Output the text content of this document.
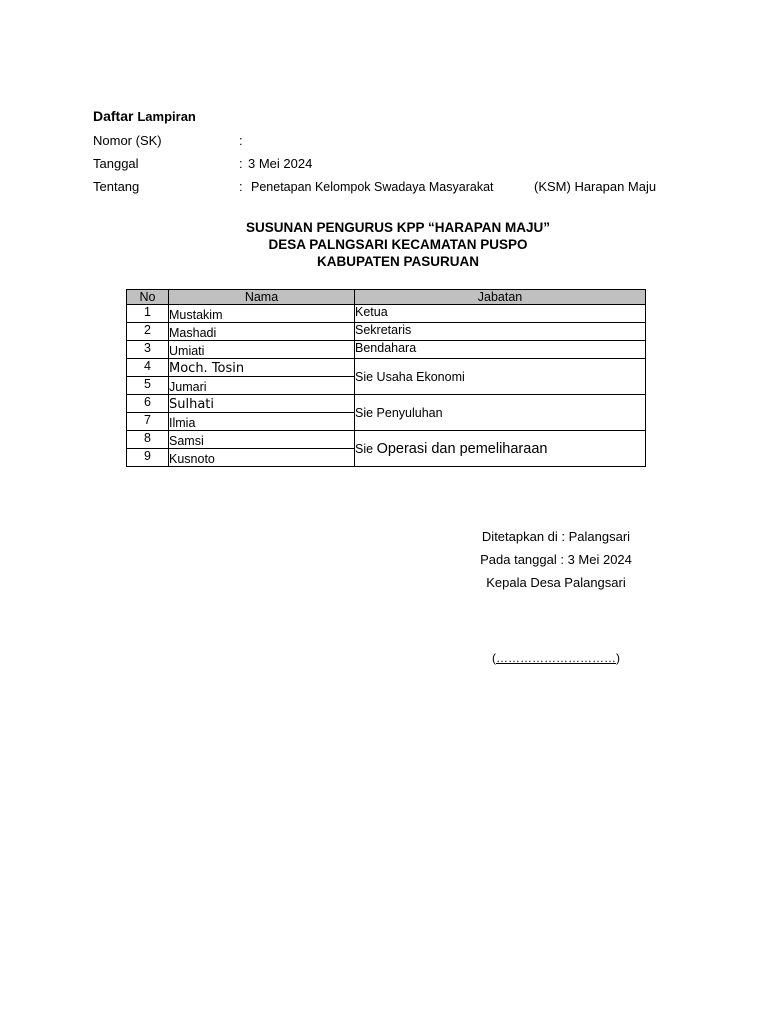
Daftar Lampiran
Nomor (SK)	:
Tanggal	: 3 Mei 2024
Tentang	: Penetapan Kelompok Swadaya Masyarakat	(KSM) Harapan Maju
SUSUNAN PENGURUS KPP “HARAPAN MAJU”
DESA PALNGSARI KECAMATAN PUSPO
KABUPATEN PASURUAN
No	Nama	Jabatan
1	Mustakim	Ketua
2	Mashadi	Sekretaris
3	Umiati	Bendahara
4	Moch. Tosin	Sie Usaha Ekonomi
5	Jumari	
6	Sulhati	Sie Penyuluhan
7	Ilmia	
8	Samsi	Sie Operasi dan pemeliharaan
9	Kusnoto	
Ditetapkan di : Palangsari
Pada tanggal : 3 Mei 2024
Kepala Desa Palangsari
(…………………………)
